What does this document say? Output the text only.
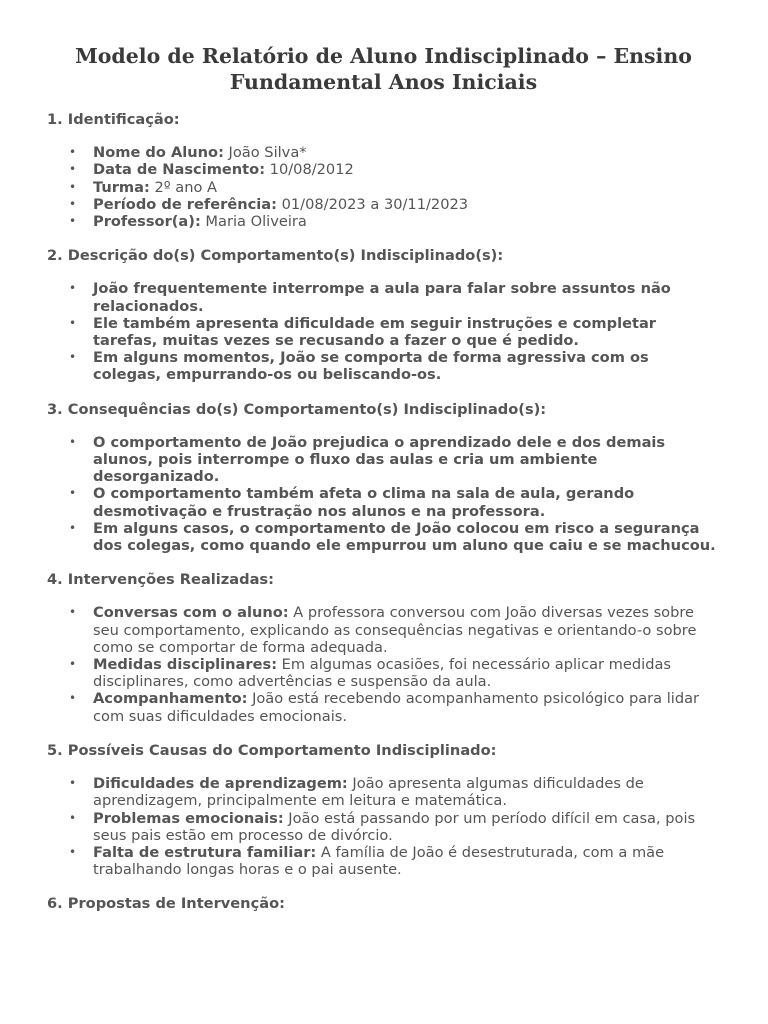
Modelo de Relatório de Aluno Indisciplinado – Ensino Fundamental Anos Iniciais

1. Identificação:

• Nome do Aluno: João Silva*
• Data de Nascimento: 10/08/2012
• Turma: 2º ano A
• Período de referência: 01/08/2023 a 30/11/2023
• Professor(a): Maria Oliveira

2. Descrição do(s) Comportamento(s) Indisciplinado(s):

• João frequentemente interrompe a aula para falar sobre assuntos não relacionados.
• Ele também apresenta dificuldade em seguir instruções e completar tarefas, muitas vezes se recusando a fazer o que é pedido.
• Em alguns momentos, João se comporta de forma agressiva com os colegas, empurrando-os ou beliscando-os.

3. Consequências do(s) Comportamento(s) Indisciplinado(s):

• O comportamento de João prejudica o aprendizado dele e dos demais alunos, pois interrompe o fluxo das aulas e cria um ambiente desorganizado.
• O comportamento também afeta o clima na sala de aula, gerando desmotivação e frustração nos alunos e na professora.
• Em alguns casos, o comportamento de João colocou em risco a segurança dos colegas, como quando ele empurrou um aluno que caiu e se machucou.

4. Intervenções Realizadas:

• Conversas com o aluno: A professora conversou com João diversas vezes sobre seu comportamento, explicando as consequências negativas e orientando-o sobre como se comportar de forma adequada.
• Medidas disciplinares: Em algumas ocasiões, foi necessário aplicar medidas disciplinares, como advertências e suspensão da aula.
• Acompanhamento: João está recebendo acompanhamento psicológico para lidar com suas dificuldades emocionais.

5. Possíveis Causas do Comportamento Indisciplinado:

• Dificuldades de aprendizagem: João apresenta algumas dificuldades de aprendizagem, principalmente em leitura e matemática.
• Problemas emocionais: João está passando por um período difícil em casa, pois seus pais estão em processo de divórcio.
• Falta de estrutura familiar: A família de João é desestruturada, com a mãe trabalhando longas horas e o pai ausente.

6. Propostas de Intervenção:
